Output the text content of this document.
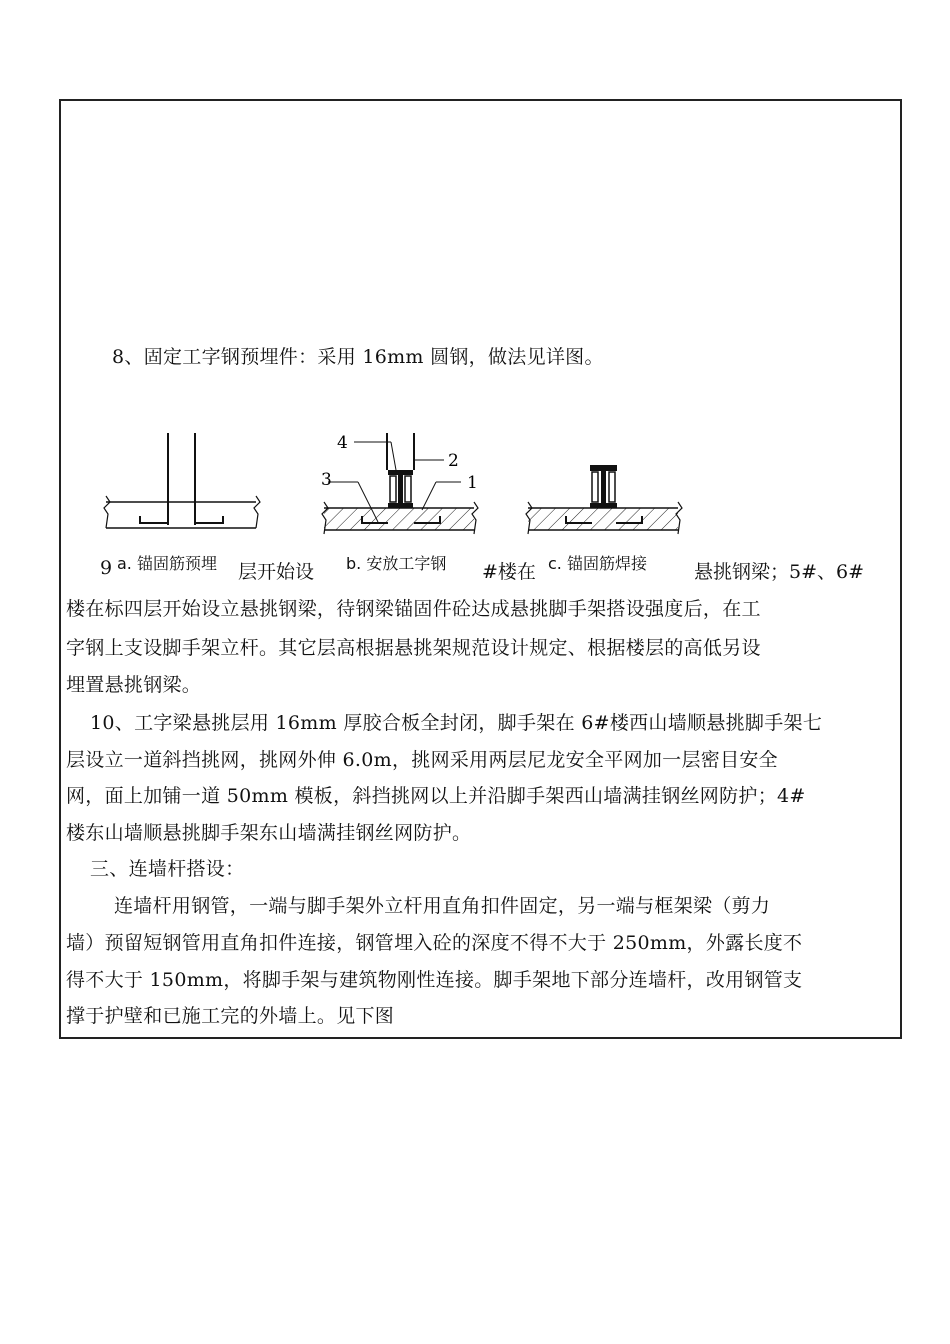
8、固定工字钢预埋件：采用 16mm 圆钢，做法见详图。
4
2
3	1
9	层开始设	#楼在	悬挑钢梁；5#、6#
a. 锚固筋预埋	b. 安放工字钢	c. 锚固筋焊接
楼在标四层开始设立悬挑钢梁，待钢梁锚固件砼达成悬挑脚手架搭设强度后，在工
字钢上支设脚手架立杆。其它层高根据悬挑架规范设计规定、根据楼层的高低另设
埋置悬挑钢梁。
10、工字梁悬挑层用 16mm 厚胶合板全封闭，脚手架在 6#楼西山墙顺悬挑脚手架七
层设立一道斜挡挑网，挑网外伸 6.0m，挑网采用两层尼龙安全平网加一层密目安全
网，面上加铺一道 50mm 模板，斜挡挑网以上并沿脚手架西山墙满挂钢丝网防护；4#
楼东山墙顺悬挑脚手架东山墙满挂钢丝网防护。
三、连墙杆搭设：
连墙杆用钢管，一端与脚手架外立杆用直角扣件固定，另一端与框架梁（剪力
墙）预留短钢管用直角扣件连接，钢管埋入砼的深度不得不大于 250mm，外露长度不
得不大于 150mm，将脚手架与建筑物刚性连接。脚手架地下部分连墙杆，改用钢管支
撑于护壁和已施工完的外墙上。见下图
